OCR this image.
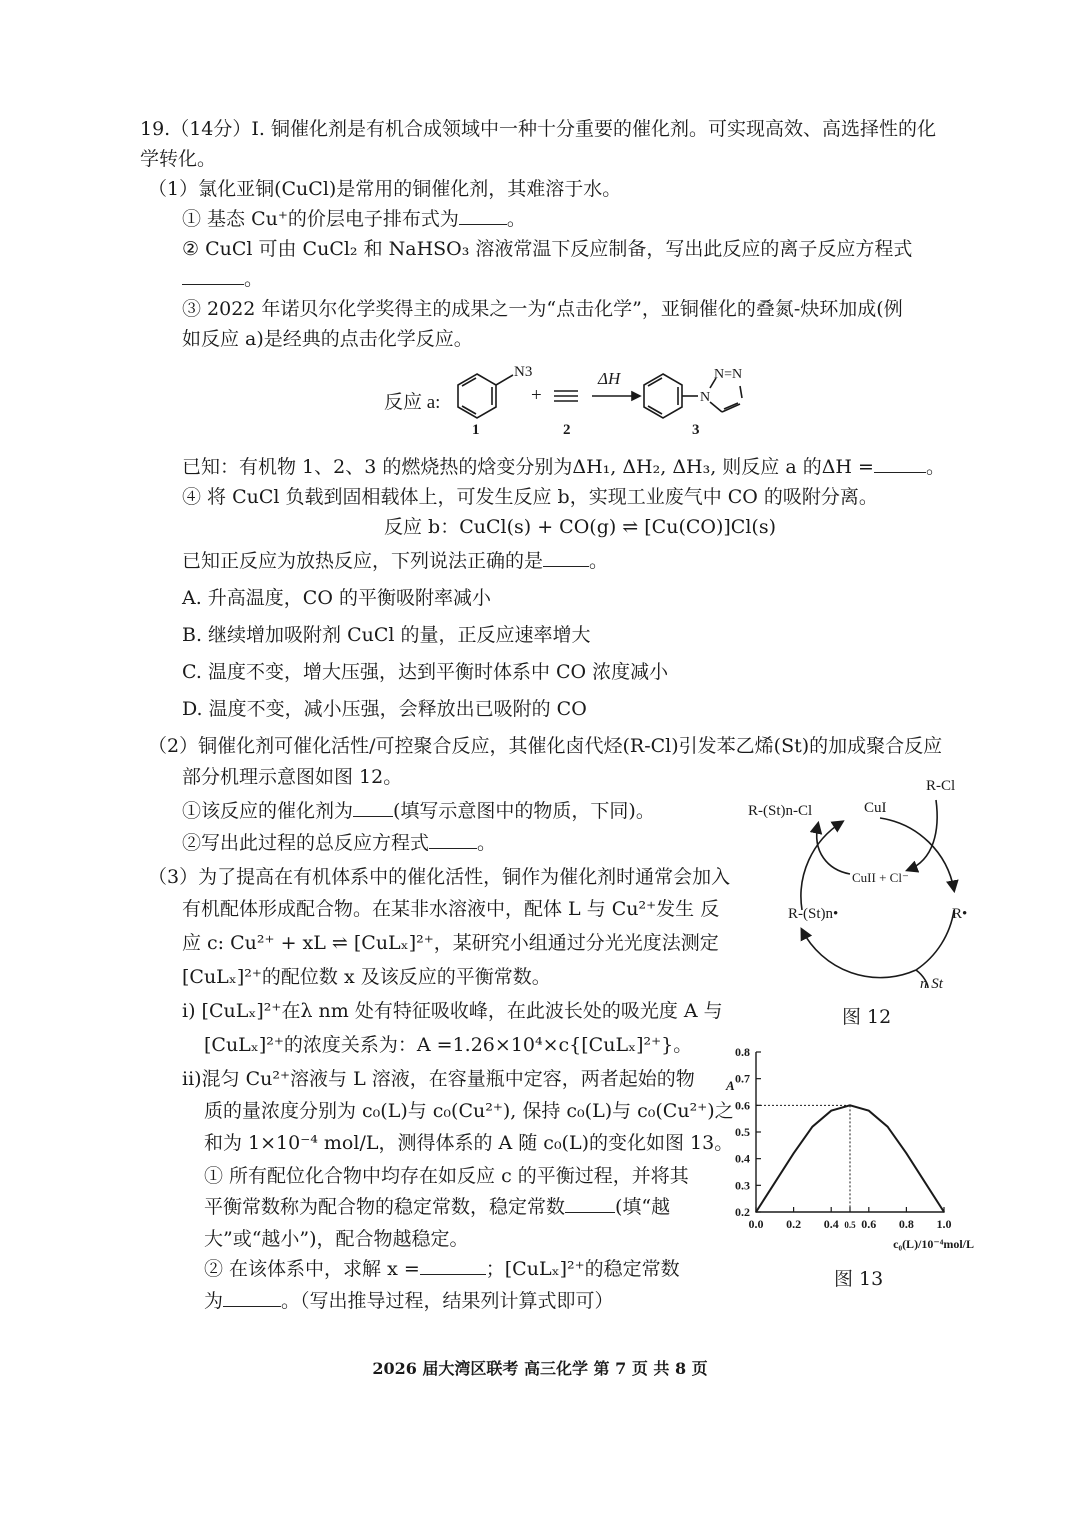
19.（14分）Ⅰ. 铜催化剂是有机合成领域中一种十分重要的催化剂。可实现高效、高选择性的化
学转化。
（1）氯化亚铜(CuCl)是常用的铜催化剂，其难溶于水。
① 基态 Cu⁺的价层电子排布式为	。
② CuCl 可由 CuCl₂ 和 NaHSO₃ 溶液常温下反应制备，写出此反应的离子反应方程式
。
③ 2022 年诺贝尔化学奖得主的成果之一为“点击化学”，亚铜催化的叠氮-炔环加成(例
如反应 a)是经典的点击化学反应。
反应 a:
N3
1
+
2
ΔH
N
N=N
3
已知：有机物 1、2、3 的燃烧热的焓变分别为ΔH₁, ΔH₂, ΔH₃, 则反应 a 的ΔH =	。
④ 将 CuCl 负载到固相载体上，可发生反应 b，实现工业废气中 CO 的吸附分离。
反应 b：CuCl(s) + CO(g) ⇌ [Cu(CO)]Cl(s)
已知正反应为放热反应，下列说法正确的是 。
A. 升高温度，CO 的平衡吸附率减小
B. 继续增加吸附剂 CuCl 的量，正反应速率增大
C. 温度不变，增大压强，达到平衡时体系中 CO 浓度减小
D. 温度不变，减小压强，会释放出已吸附的 CO
（2）铜催化剂可催化活性/可控聚合反应，其催化卤代烃(R-Cl)引发苯乙烯(St)的加成聚合反应
部分机理示意图如图 12。
①该反应的催化剂为 (填写示意图中的物质，下同)。
②写出此过程的总反应方程式	。
（3）为了提高在有机体系中的催化活性，铜作为催化剂时通常会加入
有机配体形成配合物。在某非水溶液中，配体 L 与 Cu²⁺发生 反
应 c: Cu²⁺ + xL ⇌ [CuLₓ]²⁺，某研究小组通过分光光度法测定
[CuLₓ]²⁺的配位数 x 及该反应的平衡常数。
i) [CuLₓ]²⁺在λ nm 处有特征吸收峰，在此波长处的吸光度 A 与
[CuLₓ]²⁺的浓度关系为：A =1.26×10⁴×c{[CuLₓ]²⁺}。
ii)混匀 Cu²⁺溶液与 L 溶液，在容量瓶中定容，两者起始的物
质的量浓度分别为 c₀(L)与 c₀(Cu²⁺), 保持 c₀(L)与 c₀(Cu²⁺)之
和为 1×10⁻⁴ mol/L，测得体系的 A 随 c₀(L)的变化如图 13。
① 所有配位化合物中均存在如反应 c 的平衡过程，并将其
平衡常数称为配合物的稳定常数，稳定常数	(填“越
大”或“越小”)，配合物越稳定。
② 在该体系中，求解 x =	；[CuLₓ]²⁺的稳定常数
为	。（写出推导过程，结果列计算式即可）
R-Cl
CuI
R-(St)n-Cl
CuII + Cl⁻
R-(St)n•	R•
n St
图 12
0.2
0.3
0.4
0.5
0.6
0.7
0.8
0.0 0.2 0.4 0.5 0.6 0.8 1.0
A
c₀(L)/10⁻⁴mol/L
图 13
2026 届大湾区联考 高三化学 第 7 页 共 8 页
